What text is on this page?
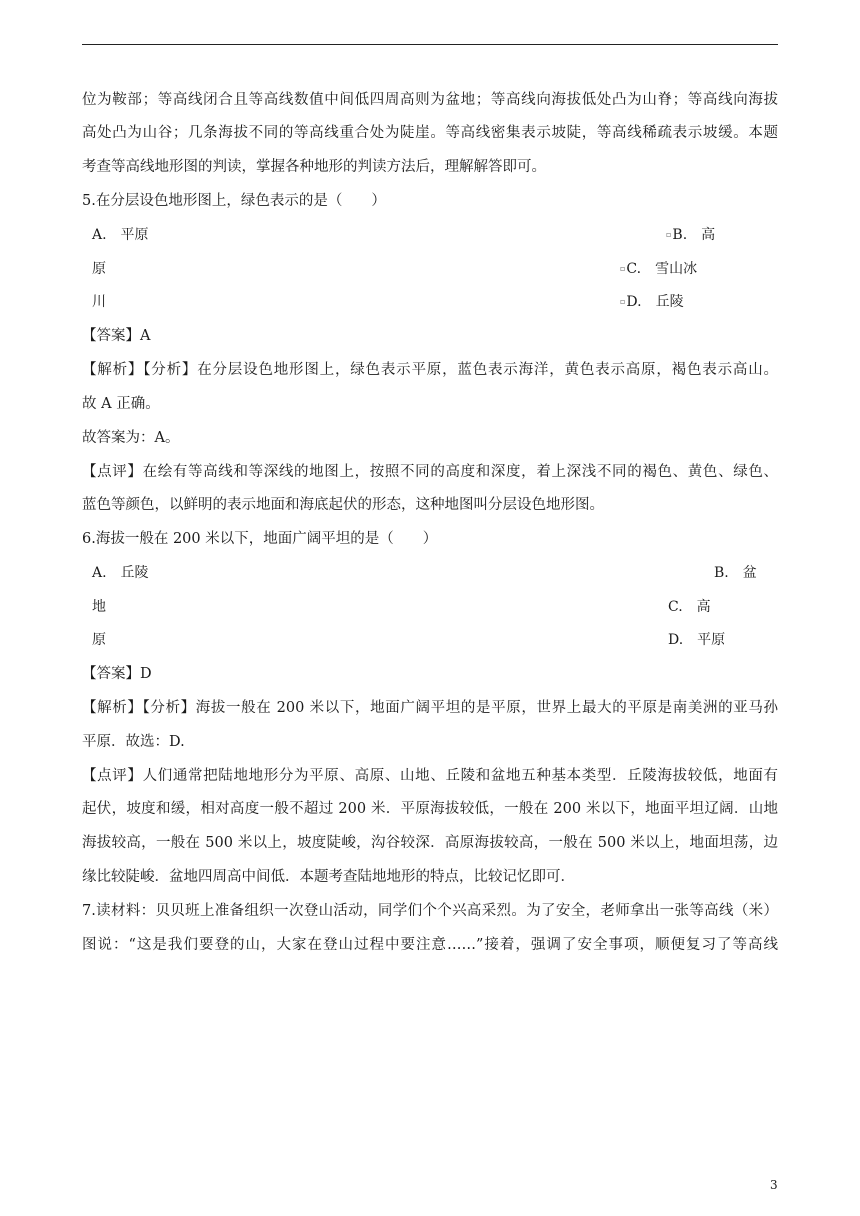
位为鞍部；等高线闭合且等高线数值中间低四周高则为盆地；等高线向海拔低处凸为山脊；等高线向海拔
高处凸为山谷；几条海拔不同的等高线重合处为陡崖。等高线密集表示坡陡，等高线稀疏表示坡缓。本题
考查等高线地形图的判读，掌握各种地形的判读方法后，理解解答即可。
5.在分层设色地形图上，绿色表示的是（　　）
A.　平原	▫B.　高
原	▫C.　雪山冰
川	▫D.　丘陵
【答案】A
【解析】【分析】在分层设色地形图上，绿色表示平原，蓝色表示海洋，黄色表示高原，褐色表示高山。
故 A 正确。
故答案为：A。
【点评】在绘有等高线和等深线的地图上，按照不同的高度和深度，着上深浅不同的褐色、黄色、绿色、
蓝色等颜色，以鲜明的表示地面和海底起伏的形态，这种地图叫分层设色地形图。
6.海拔一般在 200 米以下，地面广阔平坦的是（　　）
A.　丘陵	B.　盆
地	C.　高
原	D.　平原
【答案】D
【解析】【分析】海拔一般在 200 米以下，地面广阔平坦的是平原，世界上最大的平原是南美洲的亚马孙
平原．故选：D.
【点评】人们通常把陆地地形分为平原、高原、山地、丘陵和盆地五种基本类型．丘陵海拔较低，地面有
起伏，坡度和缓，相对高度一般不超过 200 米．平原海拔较低，一般在 200 米以下，地面平坦辽阔．山地
海拔较高，一般在 500 米以上，坡度陡峻，沟谷较深．高原海拔较高，一般在 500 米以上，地面坦荡，边
缘比较陡峻．盆地四周高中间低．本题考查陆地地形的特点，比较记忆即可．
7.读材料：贝贝班上准备组织一次登山活动，同学们个个兴高采烈。为了安全，老师拿出一张等高线（米）
图说：“这是我们要登的山，大家在登山过程中要注意……”接着，强调了安全事项，顺便复习了等高线
3
